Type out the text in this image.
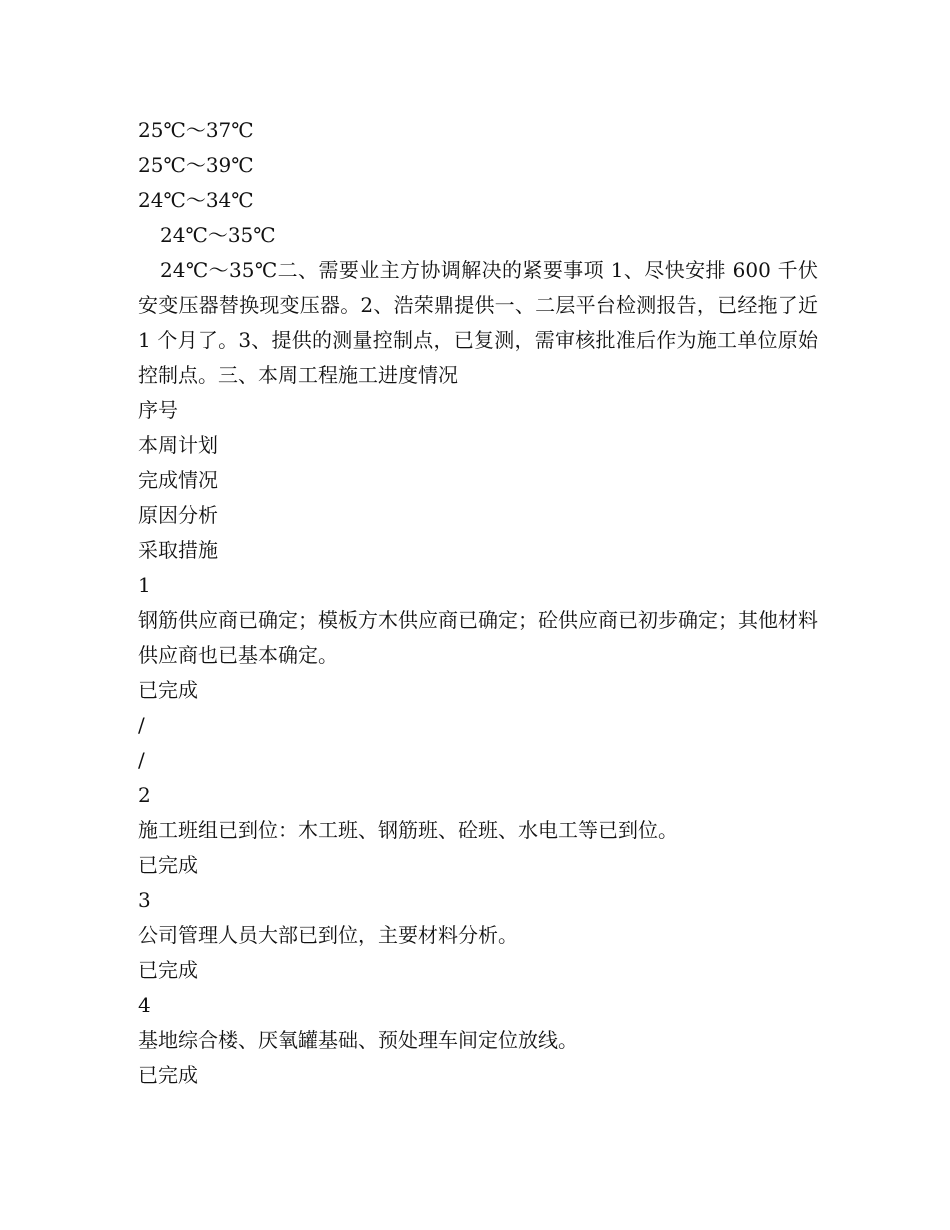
25℃～37℃
25℃～39℃
24℃～34℃
24℃～35℃

24℃～35℃二、需要业主方协调解决的紧要事项 1、尽快安排 600 千伏安变压器替换现变压器。2、浩荣鼎提供一、二层平台检测报告，已经拖了近 1 个月了。3、提供的测量控制点，已复测，需审核批准后作为施工单位原始控制点。三、本周工程施工进度情况

序号
本周计划
完成情况
原因分析
采取措施
1
钢筋供应商已确定；模板方木供应商已确定；砼供应商已初步确定；其他材料供应商也已基本确定。
已完成
/
/
2
施工班组已到位：木工班、钢筋班、砼班、水电工等已到位。
已完成
3
公司管理人员大部已到位，主要材料分析。
已完成
4
基地综合楼、厌氧罐基础、预处理车间定位放线。
已完成
